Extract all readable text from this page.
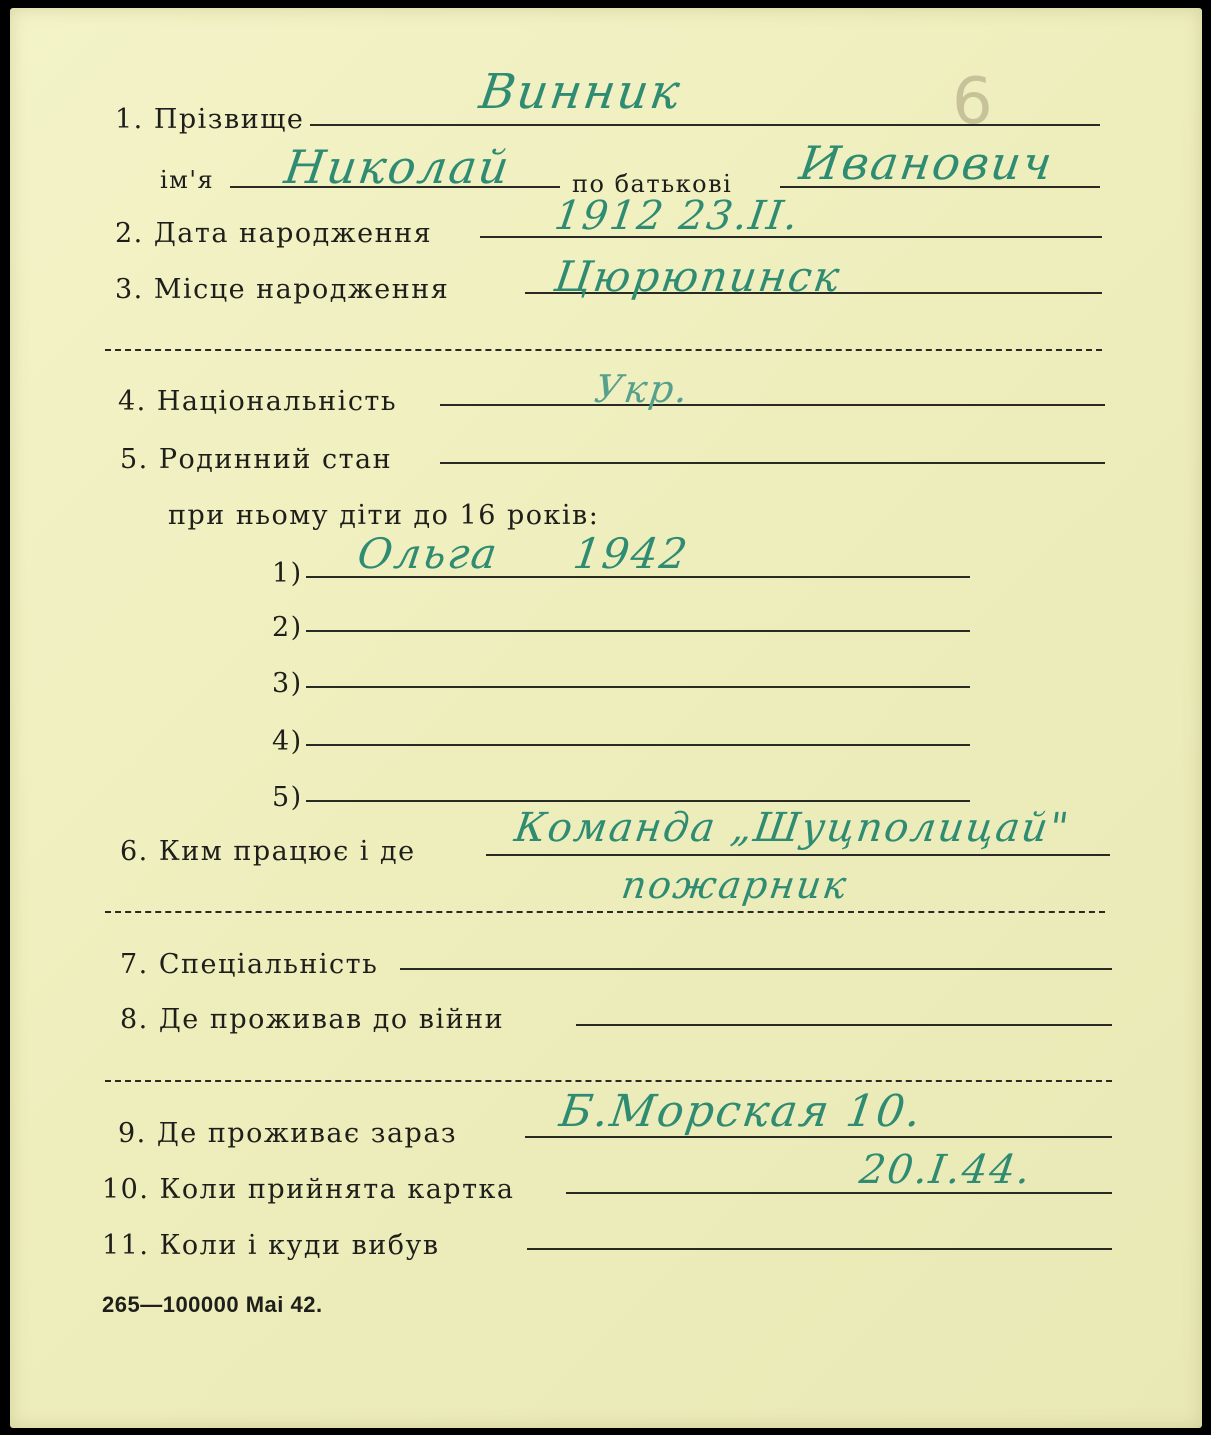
6
1. Прізвище	Винник
ім'я Николай по батькові Иванович
2. Дата народження	1912 23.II.
3. Місце народження Цюрюпинск
4. Національність	Укр.
5. Родинний стан
при ньому діти до 16 років:
1) Ольга 1942
2)
3)
4)
5)
6. Ким працює і де
Команда „Шуцполицай"
пожарник
7. Спеціальність
8. Де проживав до війни
9. Де проживає зараз Б.Морская 10.
10. Коли прийнята картка	20.I.44.
11. Коли і куди вибув
265—100000 Mai 42.
